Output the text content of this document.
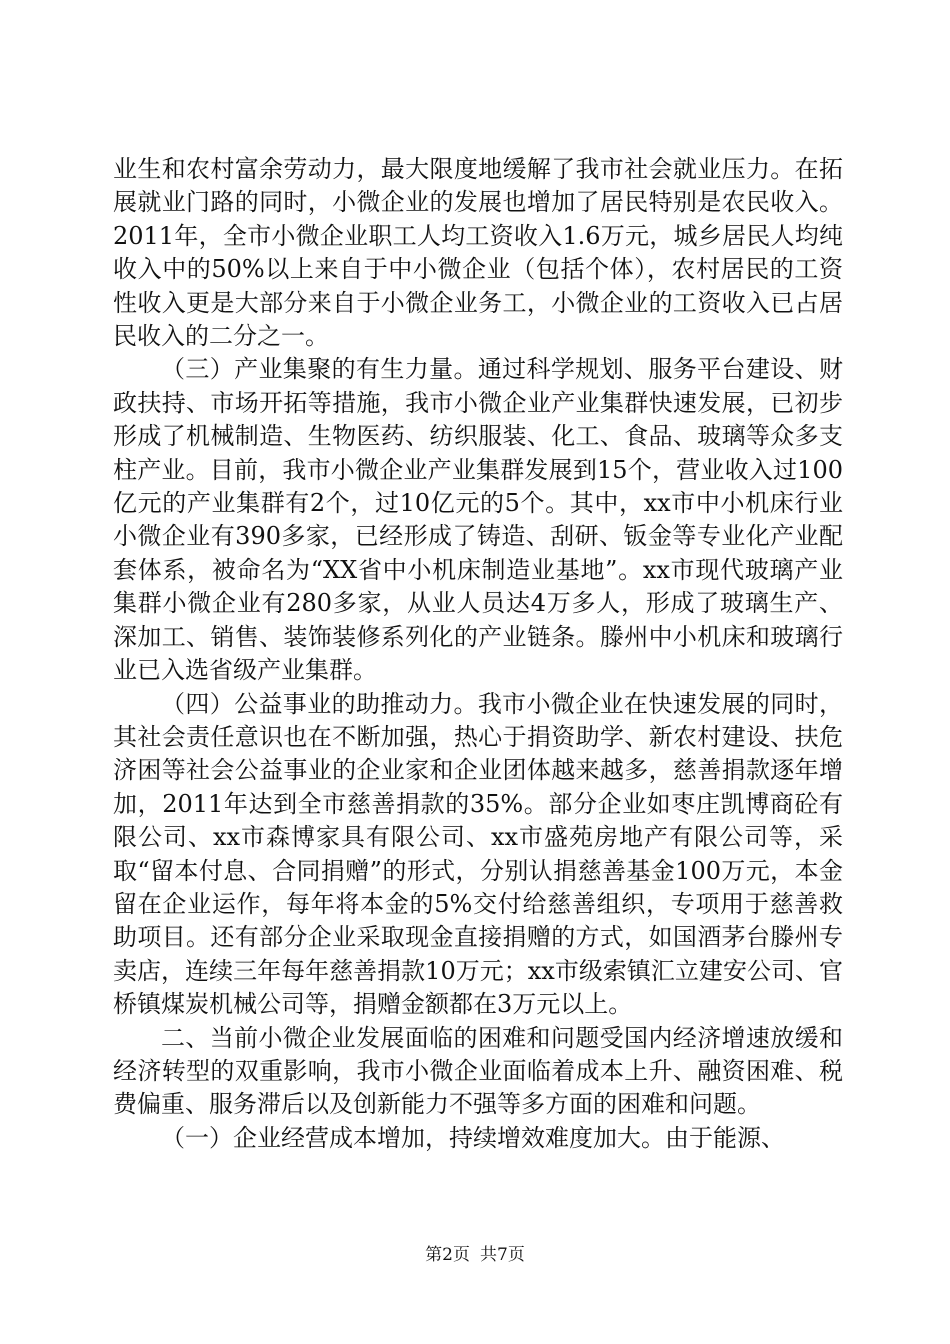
业生和农村富余劳动力，最大限度地缓解了我市社会就业压力。在拓展就业门路的同时，小微企业的发展也增加了居民特别是农民收入。2011年，全市小微企业职工人均工资收入1.6万元，城乡居民人均纯收入中的50%以上来自于中小微企业（包括个体），农村居民的工资性收入更是大部分来自于小微企业务工，小微企业的工资收入已占居民收入的二分之一。

（三）产业集聚的有生力量。通过科学规划、服务平台建设、财政扶持、市场开拓等措施，我市小微企业产业集群快速发展，已初步形成了机械制造、生物医药、纺织服装、化工、食品、玻璃等众多支柱产业。目前，我市小微企业产业集群发展到15个，营业收入过100亿元的产业集群有2个，过10亿元的5个。其中，xx市中小机床行业小微企业有390多家，已经形成了铸造、刮研、钣金等专业化产业配套体系，被命名为“XX省中小机床制造业基地”。xx市现代玻璃产业集群小微企业有280多家，从业人员达4万多人，形成了玻璃生产、深加工、销售、装饰装修系列化的产业链条。滕州中小机床和玻璃行业已入选省级产业集群。

（四）公益事业的助推动力。我市小微企业在快速发展的同时，其社会责任意识也在不断加强，热心于捐资助学、新农村建设、扶危济困等社会公益事业的企业家和企业团体越来越多，慈善捐款逐年增加，2011年达到全市慈善捐款的35%。部分企业如枣庄凯博商砼有限公司、xx市森博家具有限公司、xx市盛苑房地产有限公司等，采取“留本付息、合同捐赠”的形式，分别认捐慈善基金100万元，本金留在企业运作，每年将本金的5%交付给慈善组织，专项用于慈善救助项目。还有部分企业采取现金直接捐赠的方式，如国酒茅台滕州专卖店，连续三年每年慈善捐款10万元；xx市级索镇汇立建安公司、官桥镇煤炭机械公司等，捐赠金额都在3万元以上。

二、当前小微企业发展面临的困难和问题受国内经济增速放缓和经济转型的双重影响，我市小微企业面临着成本上升、融资困难、税费偏重、服务滞后以及创新能力不强等多方面的困难和问题。

（一）企业经营成本增加，持续增效难度加大。由于能源、

第2页 共7页
